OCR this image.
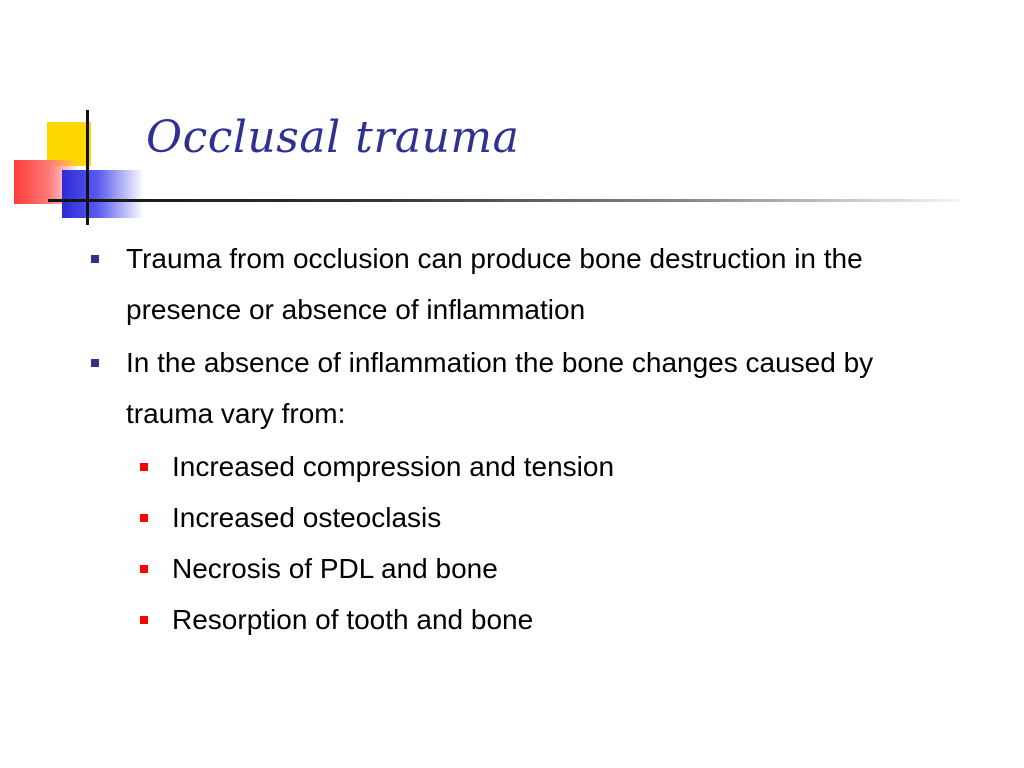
Occlusal trauma
Trauma from occlusion can produce bone destruction in the presence or absence of inflammation
In the absence of inflammation the bone changes caused by trauma vary from:
Increased compression and tension
Increased osteoclasis
Necrosis of PDL and bone
Resorption of tooth and bone
